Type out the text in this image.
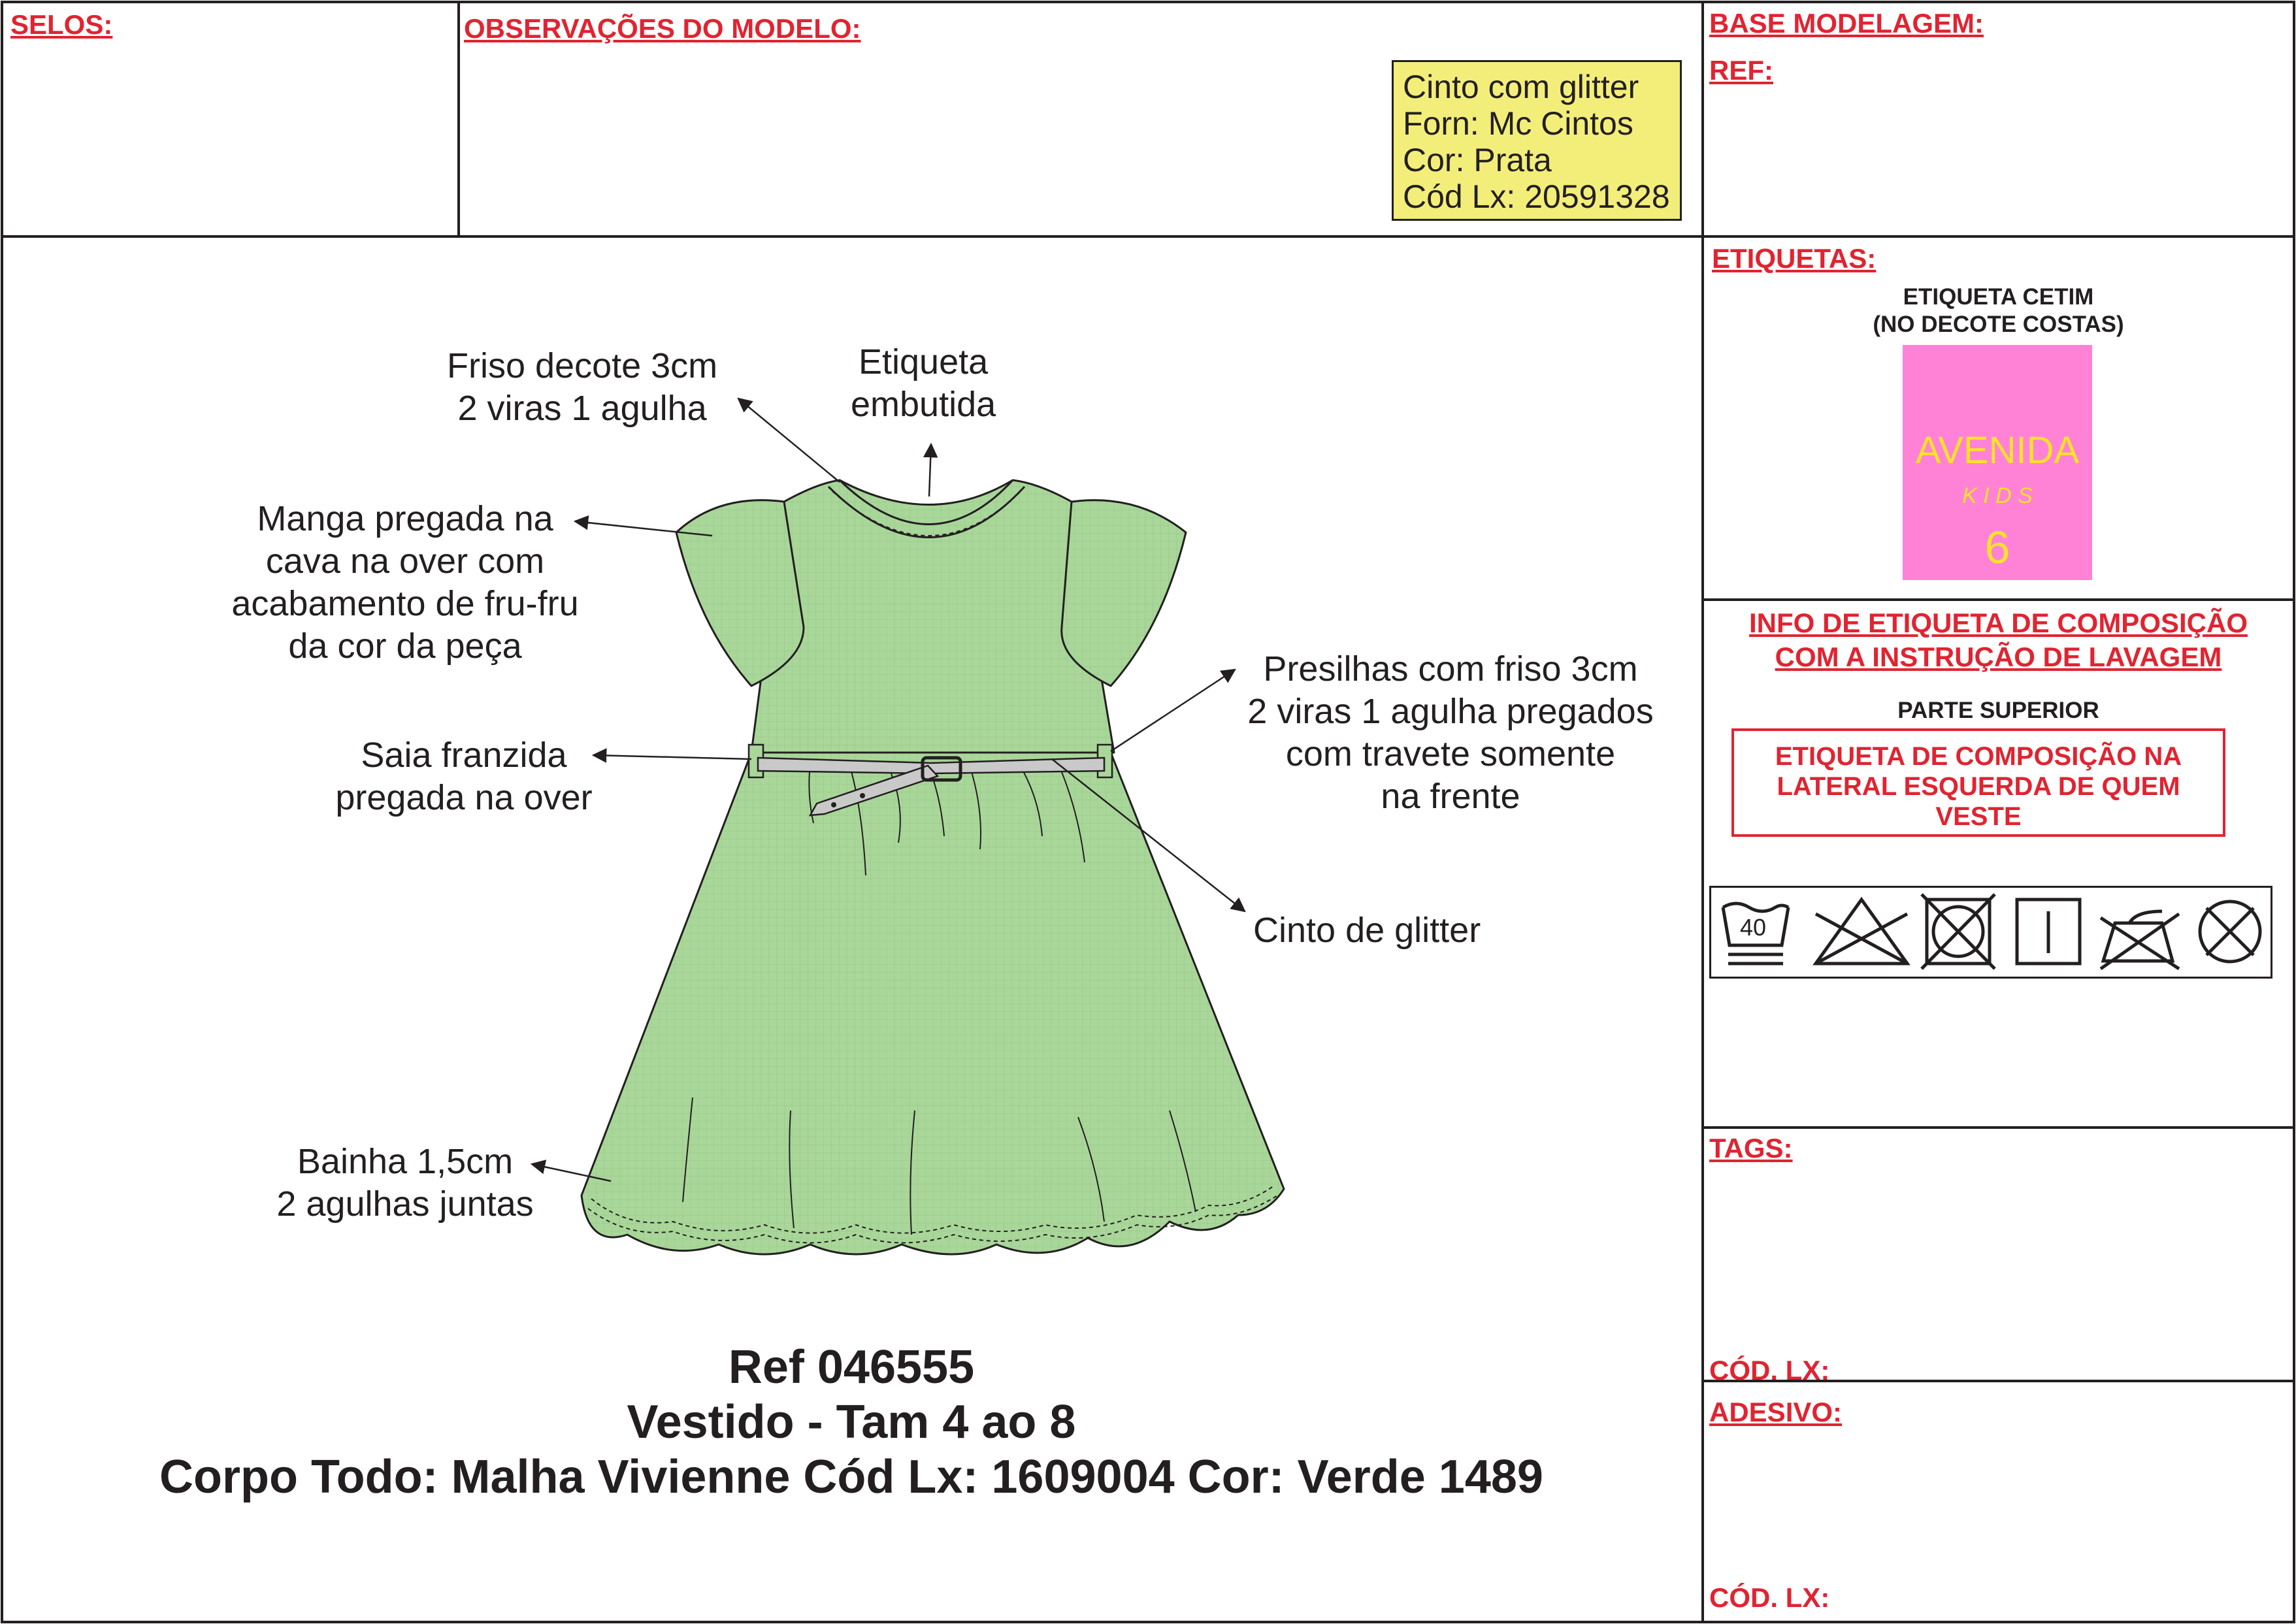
SELOS:	OBSERVAÇÕES DO MODELO:	BASE MODELAGEM:
REF:
Cinto com glitter
Forn: Mc Cintos
Cor: Prata
Cód Lx: 20591328
Friso decote 3cm
2 viras 1 agulha
Etiqueta
embutida
Manga pregada na
cava na over com
acabamento de fru-fru
da cor da peça
Saia franzida
pregada na over
Presilhas com friso 3cm
2 viras 1 agulha pregados
com travete somente
na frente
Cinto de glitter
Bainha 1,5cm
2 agulhas juntas
Ref 046555
Vestido - Tam 4 ao 8
Corpo Todo: Malha Vivienne Cód Lx: 1609004 Cor: Verde 1489
ETIQUETAS:
ETIQUETA CETIM
(NO DECOTE COSTAS)
AVENIDA
K I D S
6
INFO DE ETIQUETA DE COMPOSIÇÃO
COM A INSTRUÇÃO DE LAVAGEM
PARTE SUPERIOR
ETIQUETA DE COMPOSIÇÃO NA
LATERAL ESQUERDA DE QUEM
VESTE
40
TAGS:
CÓD. LX:
ADESIVO:
CÓD. LX:
